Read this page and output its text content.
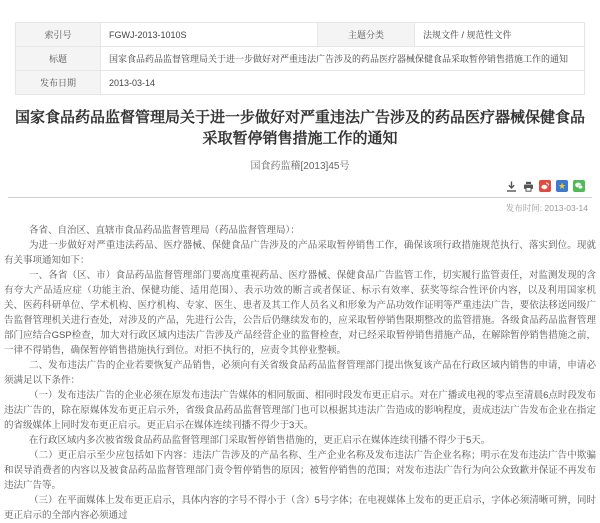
索引号	FGWJ-2013-1010S	主题分类	法规文件 / 规范性文件
标题	国家食品药品监督管理局关于进一步做好对严重违法广告涉及的药品医疗器械保健食品采取暂停销售措施工作的通知		
发布日期	2013-03-14		
国家食品药品监督管理局关于进一步做好对严重违法广告涉及的药品医疗器械保健食品采取暂停销售措施工作的通知
国食药监稽[2013]45号
★
发布时间: 2013-03-14

各省、自治区、直辖市食品药品监督管理局（药品监督管理局）：

为进一步做好对严重违法药品、医疗器械、保健食品广告涉及的产品采取暂停销售工作，确保该项行政措施规范执行、落实到位。现就有关事项通知如下：

一、各省（区、市）食品药品监督管理部门要高度重视药品、医疗器械、保健食品广告监管工作，切实履行监管责任，对监测发现的含有夸大产品适应症（功能主治、保健功能、适用范围）、表示功效的断言或者保证、标示有效率、获奖等综合性评价内容，以及利用国家机关、医药科研单位、学术机构、医疗机构、专家、医生、患者及其工作人员名义和形象为产品功效作证明等严重违法广告，要依法移送同级广告监督管理机关进行查处，对涉及的产品，先进行公告，公告后仍继续发布的，应采取暂停销售限期整改的监管措施。各级食品药品监督管理部门应结合GSP检查，加大对行政区域内违法广告涉及产品经营企业的监督检查，对已经采取暂停销售措施产品，在解除暂停销售措施之前，一律不得销售，确保暂停销售措施执行到位。对拒不执行的，应责令其停业整顿。

二、发布违法广告的企业若要恢复产品销售，必须向有关省级食品药品监督管理部门提出恢复该产品在行政区域内销售的申请，申请必须满足以下条件：

（一）发布违法广告的企业必须在原发布违法广告媒体的相同版面、相同时段发布更正启示。对在广播或电视的零点至清晨6点时段发布违法广告的，除在原媒体发布更正启示外，省级食品药品监督管理部门也可以根据其违法广告造成的影响程度，责成违法广告发布企业在指定的省级媒体上同时发布更正启示。更正启示在媒体连续刊播不得少于3天。

在行政区域内多次被省级食品药品监督管理部门采取暂停销售措施的，更正启示在媒体连续刊播不得少于5天。

（二）更正启示至少应包括如下内容：违法广告涉及的产品名称、生产企业名称及发布违法广告企业名称；明示在发布违法广告中欺骗和误导消费者的内容以及被食品药品监督管理部门责令暂停销售的原因；被暂停销售的范围；对发布违法广告行为向公众致歉并保证不再发布违法广告等。

（三）在平面媒体上发布更正启示，具体内容的字号不得小于（含）5号字体；在电视媒体上发布的更正启示，字体必须清晰可辨，同时更正启示的全部内容必须通过
